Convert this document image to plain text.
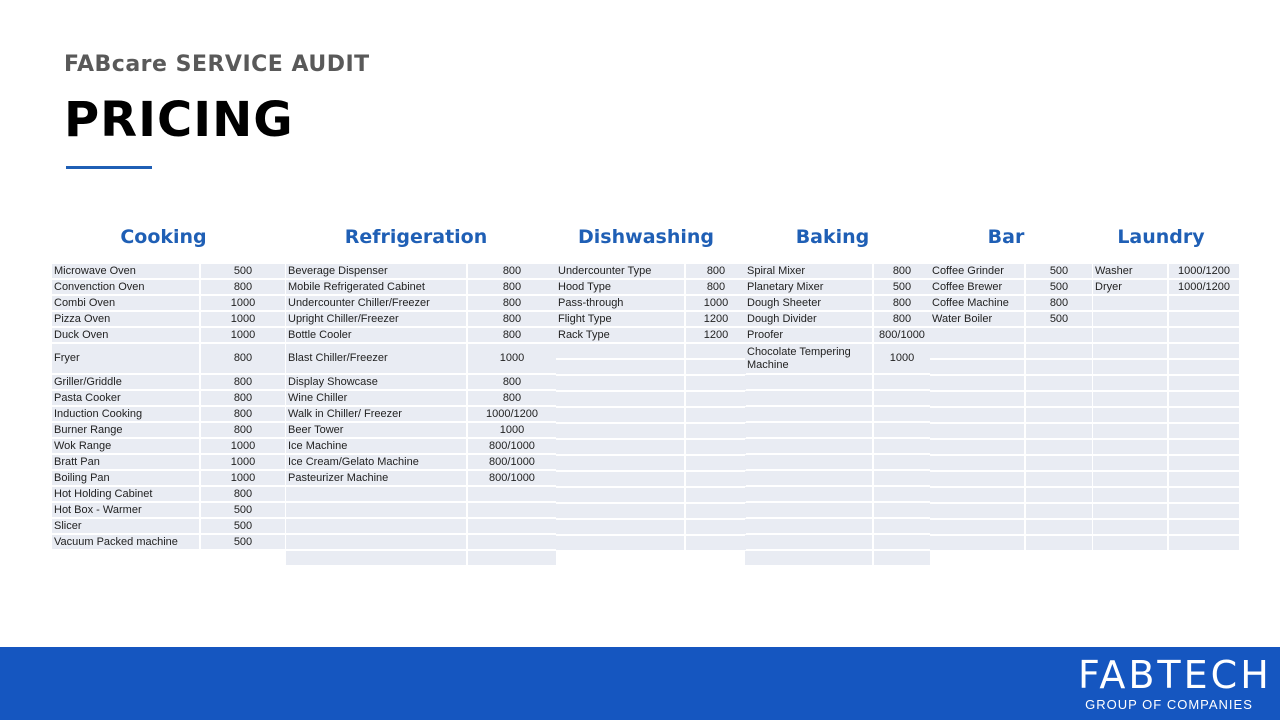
FABcare SERVICE AUDIT
PRICING
Cooking
Microwave Oven	500
Convenction Oven	800
Combi Oven	1000
Pizza Oven	1000
Duck Oven	1000
Fryer	800
Griller/Griddle	800
Pasta Cooker	800
Induction Cooking	800
Burner Range	800
Wok Range	1000
Bratt Pan	1000
Boiling Pan	1000
Hot Holding Cabinet	800
Hot Box - Warmer	500
Slicer	500
Vacuum Packed machine	500
Refrigeration
Beverage Dispenser	800
Mobile Refrigerated Cabinet	800
Undercounter Chiller/Freezer	800
Upright Chiller/Freezer	800
Bottle Cooler	800
Blast Chiller/Freezer	1000
Display Showcase	800
Wine Chiller	800
Walk in Chiller/ Freezer	1000/1200
Beer Tower	1000
Ice Machine	800/1000
Ice Cream/Gelato Machine	800/1000
Pasteurizer Machine	800/1000

Dishwashing
Undercounter Type	800
Hood Type	800
Pass-through	1000
Flight Type	1200
Rack Type	1200

Baking
Spiral Mixer	800
Planetary Mixer	500
Dough Sheeter	800
Dough Divider	800
Proofer	800/1000
Chocolate Tempering Machine	1000

Bar
Coffee Grinder	500
Coffee Brewer	500
Coffee Machine	800
Water Boiler	500

Laundry
Washer	1000/1200
Dryer	1000/1200

FABTECH
GROUP OF COMPANIES
